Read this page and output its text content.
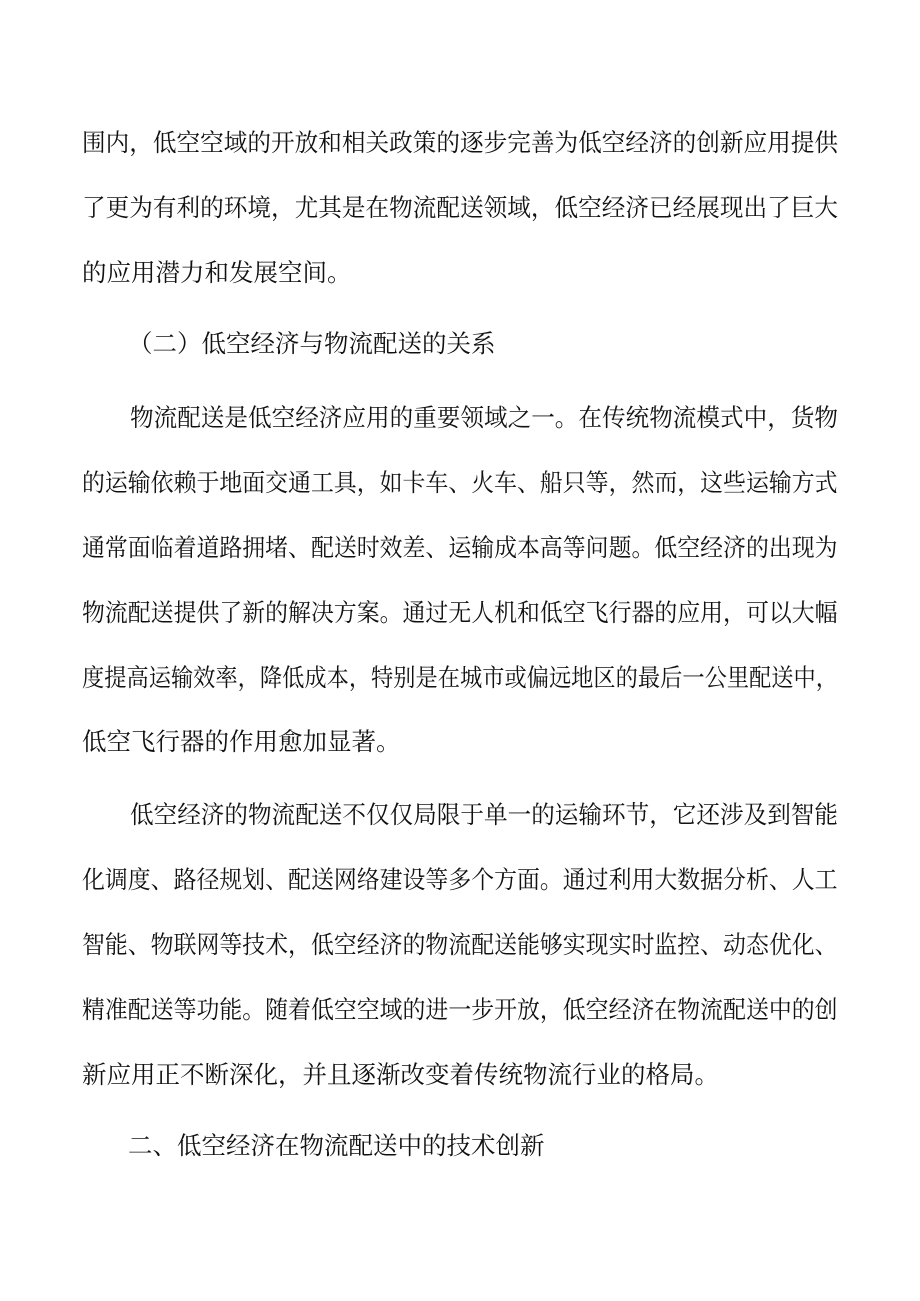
围内，低空空域的开放和相关政策的逐步完善为低空经济的创新应用提供
了更为有利的环境，尤其是在物流配送领域，低空经济已经展现出了巨大
的应用潜力和发展空间。
（二）低空经济与物流配送的关系
物流配送是低空经济应用的重要领域之一。在传统物流模式中，货物
的运输依赖于地面交通工具，如卡车、火车、船只等，然而，这些运输方式
通常面临着道路拥堵、配送时效差、运输成本高等问题。低空经济的出现为
物流配送提供了新的解决方案。通过无人机和低空飞行器的应用，可以大幅
度提高运输效率，降低成本，特别是在城市或偏远地区的最后一公里配送中，
低空飞行器的作用愈加显著。
低空经济的物流配送不仅仅局限于单一的运输环节，它还涉及到智能
化调度、路径规划、配送网络建设等多个方面。通过利用大数据分析、人工
智能、物联网等技术，低空经济的物流配送能够实现实时监控、动态优化、
精准配送等功能。随着低空空域的进一步开放，低空经济在物流配送中的创
新应用正不断深化，并且逐渐改变着传统物流行业的格局。
二、低空经济在物流配送中的技术创新
